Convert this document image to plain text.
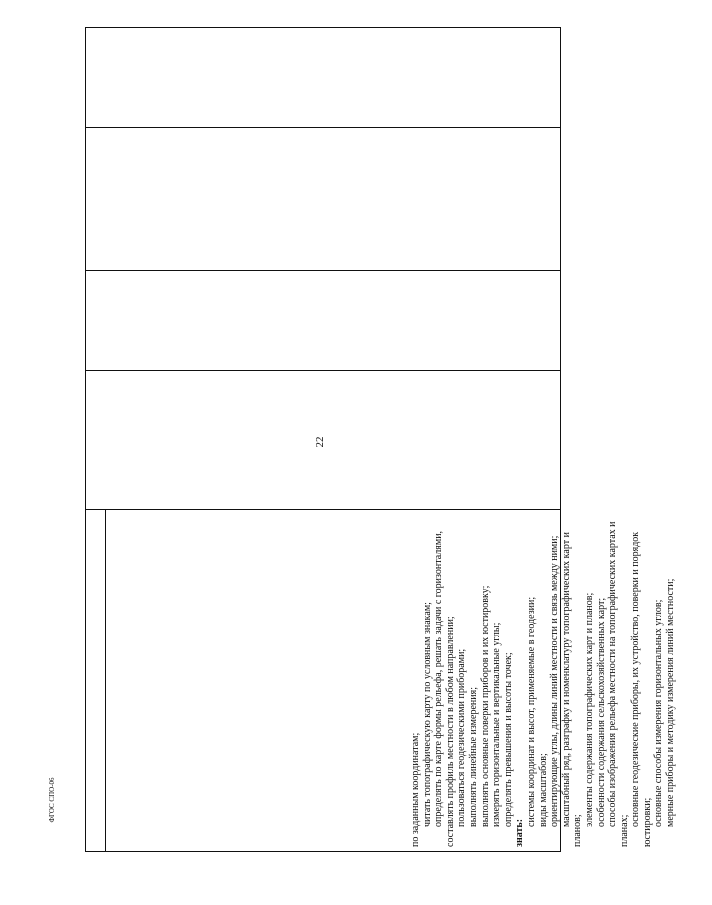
22
ФГОС СПО-06	по заданным координатам; читать топографическую карту по условным знакам; определять по карте формы рельефа, решать задачи с горизонталями, составлять профиль местности в любом направлении; пользоваться геодезическими приборами; выполнять линейные измерения; выполнять основные поверки приборов и их юстировку; измерять горизонтальные и вертикальные углы; определять превышения и высоты точек;

знать:

системы координат и высот, применяемые в геодезии; виды масштабов; ориентирующие углы, длины линий местности и связь между ними; масштабный ряд, разграфку и номенклатуру топографических карт и планов;

элементы содержания топографических карт и планов; особенности содержания сельскохозяйственных карт; способы изображения рельефа местности на топографических картах и планах;

основные геодезические приборы, их устройство, поверки и порядок юстировки; основные способы измерения горизонтальных углов; мерные приборы и методику измерения линий местности;
